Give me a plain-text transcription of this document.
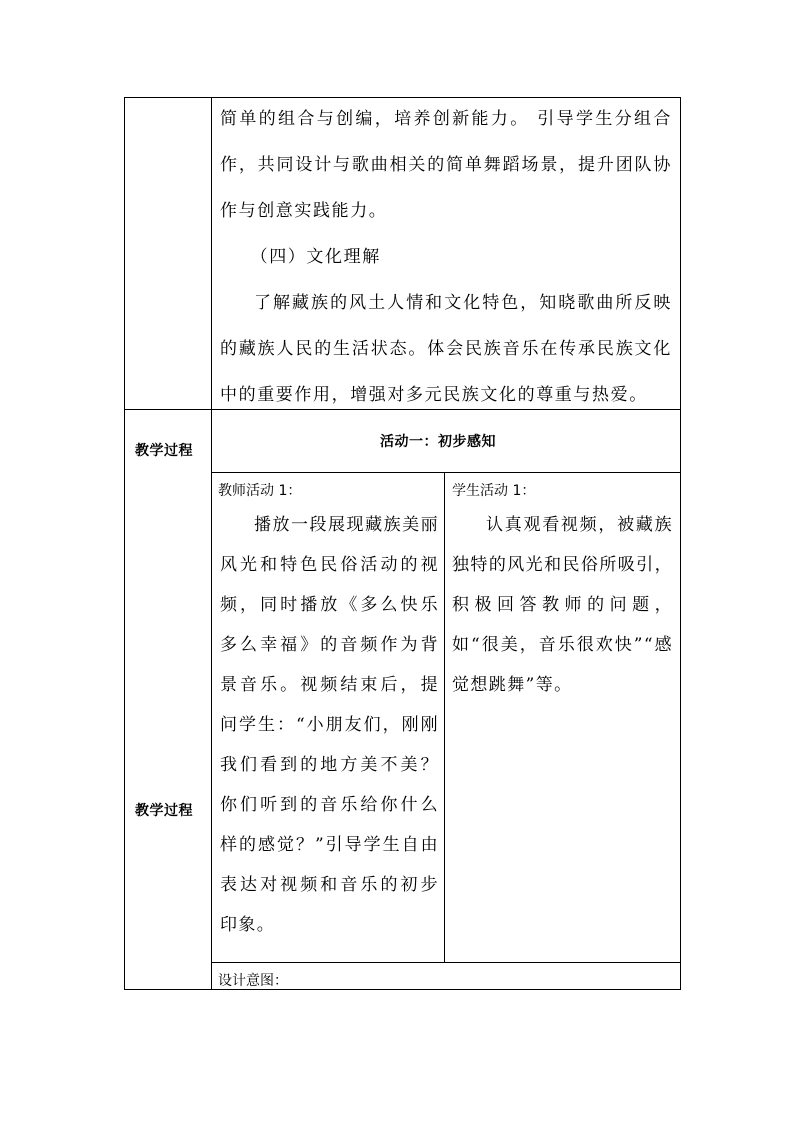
简单的组合与创编，培养创新能力。 引导学生分组合作，共同设计与歌曲相关的简单舞蹈场景，提升团队协作与创意实践能力。

（四）文化理解

了解藏族的风土人情和文化特色，知晓歌曲所反映的藏族人民的生活状态。体会民族音乐在传承民族文化中的重要作用，增强对多元民族文化的尊重与热爱。

教学过程
活动一：初步感知
教师活动 1：
播放一段展现藏族美丽风光和特色民俗活动的视频，同时播放《多么快乐多么幸福》的音频作为背景音乐。视频结束后，提问学生：“小朋友们，刚刚我们看到的地方美不美？你们听到的音乐给你什么样的感觉？”引导学生自由表达对视频和音乐的初步印象。
学生活动 1：
认真观看视频，被藏族独特的风光和民俗所吸引，积极回答教师的问题，如“很美，音乐很欢快”“感觉想跳舞”等。
教学过程
设计意图：
